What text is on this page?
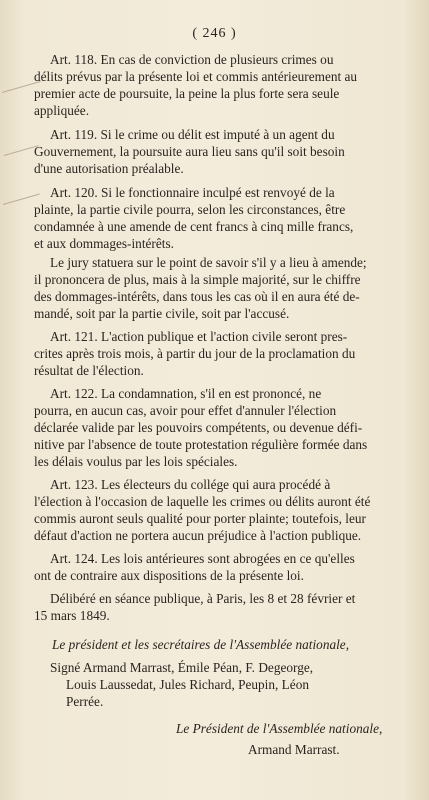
( 246 )
Art. 118. En cas de conviction de plusieurs crimes ou
délits prévus par la présente loi et commis antérieurement au
premier acte de poursuite, la peine la plus forte sera seule
appliquée.
Art. 119. Si le crime ou délit est imputé à un agent du
Gouvernement, la poursuite aura lieu sans qu'il soit besoin
d'une autorisation préalable.
Art. 120. Si le fonctionnaire inculpé est renvoyé de la
plainte, la partie civile pourra, selon les circonstances, être
condamnée à une amende de cent francs à cinq mille francs,
et aux dommages-intérêts.
Le jury statuera sur le point de savoir s'il y a lieu à amende;
il prononcera de plus, mais à la simple majorité, sur le chiffre
des dommages-intérêts, dans tous les cas où il en aura été de-
mandé, soit par la partie civile, soit par l'accusé.
Art. 121. L'action publique et l'action civile seront pres-
crites après trois mois, à partir du jour de la proclamation du
résultat de l'élection.
Art. 122. La condamnation, s'il en est prononcé, ne
pourra, en aucun cas, avoir pour effet d'annuler l'élection
déclarée valide par les pouvoirs compétents, ou devenue défi-
nitive par l'absence de toute protestation régulière formée dans
les délais voulus par les lois spéciales.
Art. 123. Les électeurs du collége qui aura procédé à
l'élection à l'occasion de laquelle les crimes ou délits auront été
commis auront seuls qualité pour porter plainte; toutefois, leur
défaut d'action ne portera aucun préjudice à l'action publique.
Art. 124. Les lois antérieures sont abrogées en ce qu'elles
ont de contraire aux dispositions de la présente loi.
Délibéré en séance publique, à Paris, les 8 et 28 février et
15 mars 1849.
Le président et les secrétaires de l'Assemblée nationale,
Signé Armand Marrast, Émile Péan, F. Degeorge,
Louis Laussedat, Jules Richard, Peupin, Léon
Perrée.
Le Président de l'Assemblée nationale,
Armand Marrast.
